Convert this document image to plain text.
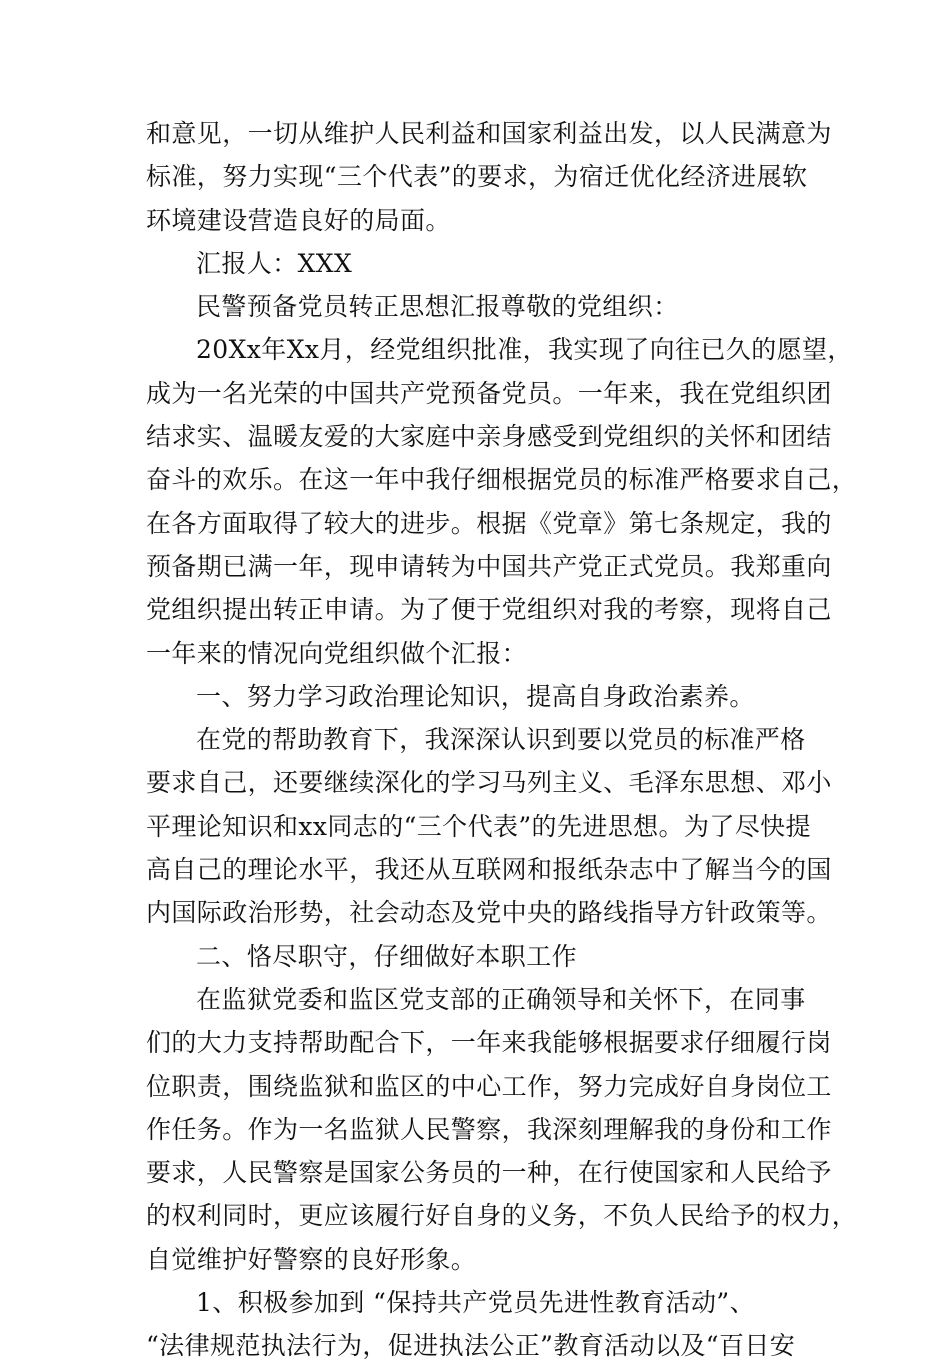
和意见，一切从维护人民利益和国家利益出发，以人民满意为
标准，努力实现“三个代表”的要求，为宿迁优化经济进展软
环境建设营造良好的局面。
汇报人：XXX
民警预备党员转正思想汇报尊敬的党组织：
20Xx年Xx月，经党组织批准，我实现了向往已久的愿望，
成为一名光荣的中国共产党预备党员。一年来，我在党组织团
结求实、温暖友爱的大家庭中亲身感受到党组织的关怀和团结
奋斗的欢乐。在这一年中我仔细根据党员的标准严格要求自己，
在各方面取得了较大的进步。根据《党章》第七条规定，我的
预备期已满一年，现申请转为中国共产党正式党员。我郑重向
党组织提出转正申请。为了便于党组织对我的考察，现将自己
一年来的情况向党组织做个汇报：
一、努力学习政治理论知识，提高自身政治素养。
在党的帮助教育下，我深深认识到要以党员的标准严格
要求自己，还要继续深化的学习马列主义、毛泽东思想、邓小
平理论知识和xx同志的“三个代表”的先进思想。为了尽快提
高自己的理论水平，我还从互联网和报纸杂志中了解当今的国
内国际政治形势，社会动态及党中央的路线指导方针政策等。
二、恪尽职守，仔细做好本职工作
在监狱党委和监区党支部的正确领导和关怀下，在同事
们的大力支持帮助配合下，一年来我能够根据要求仔细履行岗
位职责，围绕监狱和监区的中心工作，努力完成好自身岗位工
作任务。作为一名监狱人民警察，我深刻理解我的身份和工作
要求，人民警察是国家公务员的一种，在行使国家和人民给予
的权利同时，更应该履行好自身的义务，不负人民给予的权力，
自觉维护好警察的良好形象。
1、积极参加到 “保持共产党员先进性教育活动”、
“法律规范执法行为，促进执法公正”教育活动以及“百日安
